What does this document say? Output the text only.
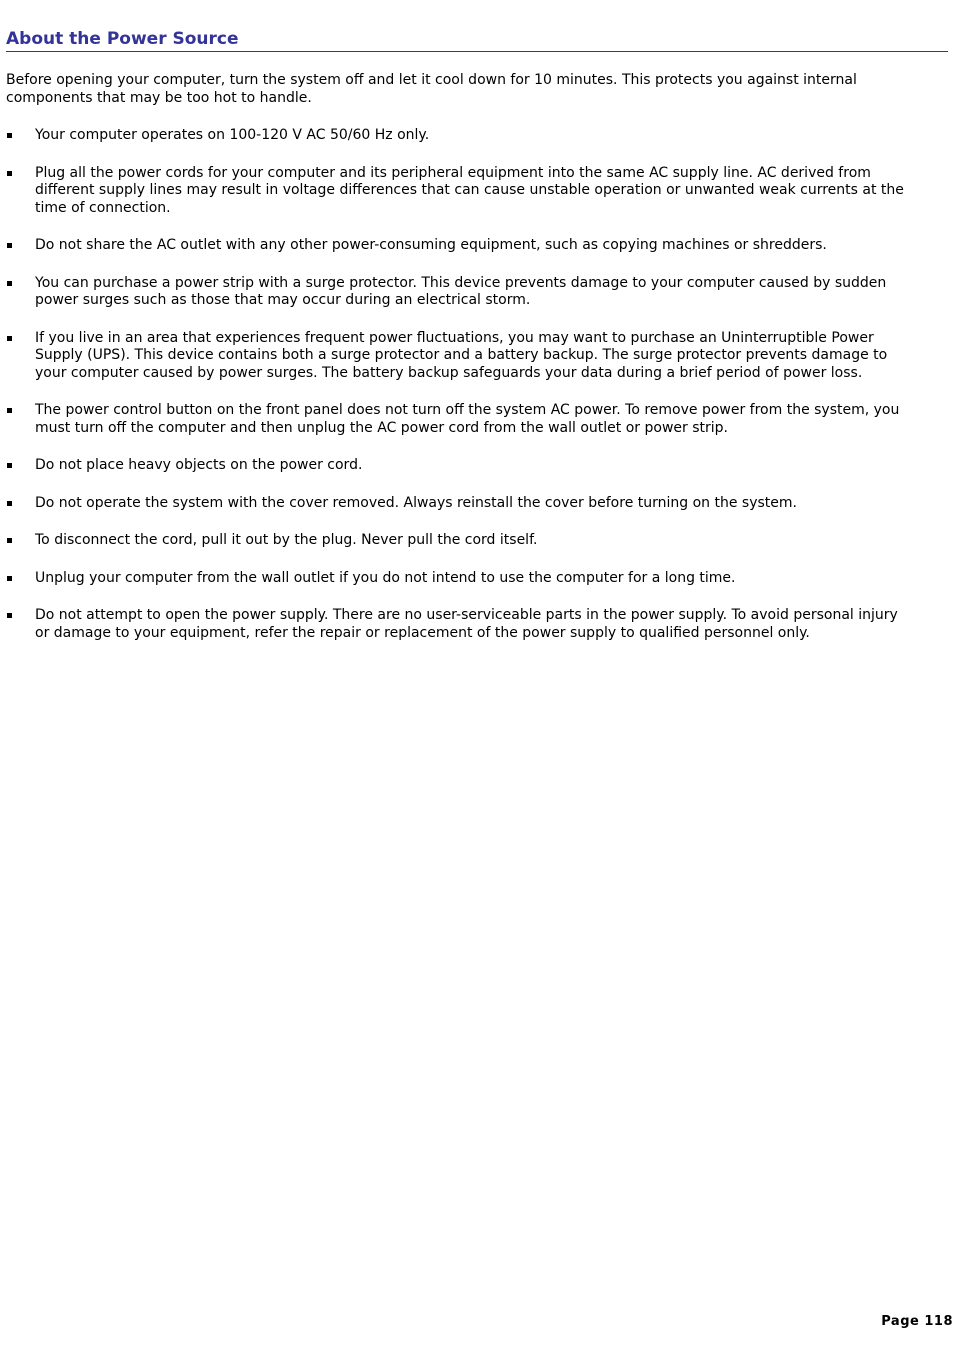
About the Power Source

Before opening your computer, turn the system off and let it cool down for 10 minutes. This protects you against internal components that may be too hot to handle.

Your computer operates on 100-120 V AC 50/60 Hz only.
Plug all the power cords for your computer and its peripheral equipment into the same AC supply line. AC derived from different supply lines may result in voltage differences that can cause unstable operation or unwanted weak currents at the time of connection.
Do not share the AC outlet with any other power-consuming equipment, such as copying machines or shredders.
You can purchase a power strip with a surge protector. This device prevents damage to your computer caused by sudden power surges such as those that may occur during an electrical storm.
If you live in an area that experiences frequent power fluctuations, you may want to purchase an Uninterruptible Power Supply (UPS). This device contains both a surge protector and a battery backup. The surge protector prevents damage to your computer caused by power surges. The battery backup safeguards your data during a brief period of power loss.
The power control button on the front panel does not turn off the system AC power. To remove power from the system, you must turn off the computer and then unplug the AC power cord from the wall outlet or power strip.
Do not place heavy objects on the power cord.
Do not operate the system with the cover removed. Always reinstall the cover before turning on the system.
To disconnect the cord, pull it out by the plug. Never pull the cord itself.
Unplug your computer from the wall outlet if you do not intend to use the computer for a long time.
Do not attempt to open the power supply. There are no user-serviceable parts in the power supply. To avoid personal injury or damage to your equipment, refer the repair or replacement of the power supply to qualified personnel only.
Page 118
